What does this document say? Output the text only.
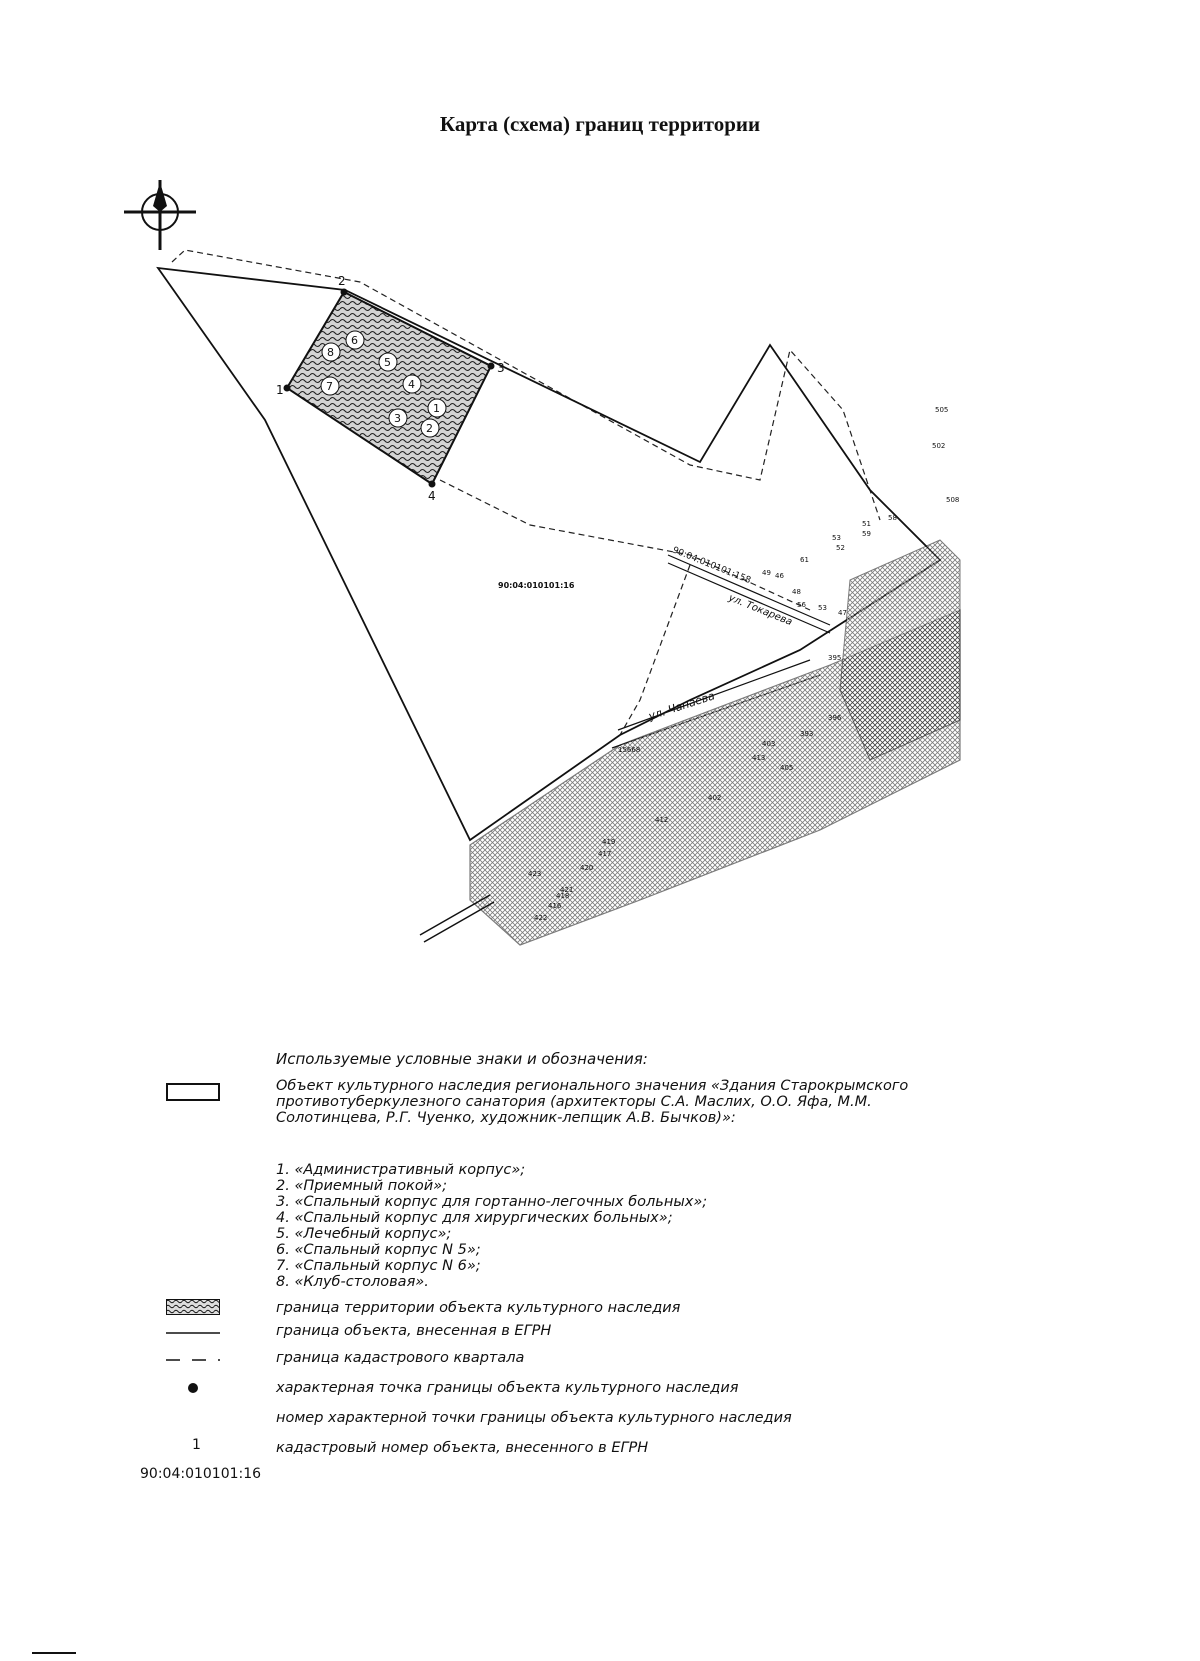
Карта (схема) границ территории
1
2
3
4
8
6
7
5
4
3
1
2
90:04:010101:16
ул. Токарева
90:04:010101:158
ул. Чапаева
505
502
508
58
51
59
53
52
61
49 46
48
56 53
47
395
393
396
403
402
405
412
413
417
419
420
421
422
416
418
423
15668
Используемые условные знаки и обозначения:
Объект культурного наследия регионального значения «Здания Старокрымского
противотуберкулезного санатория (архитекторы С.А. Маслих, О.О. Яфа, М.М.
Солотинцева, Р.Г. Чуенко, художник-лепщик А.В. Бычков)»:
1. «Административный корпус»;
2. «Приемный покой»;
3. «Спальный корпус для гортанно-легочных больных»;
4. «Спальный корпус для хирургических больных»;
5. «Лечебный корпус»;
6. «Спальный корпус N 5»;
7. «Спальный корпус N 6»;
8. «Клуб-столовая».
граница территории объекта культурного наследия
граница объекта, внесенная в ЕГРН
граница кадастрового квартала
характерная точка границы объекта культурного наследия
1
номер характерной точки границы объекта культурного наследия
90:04:010101:16
кадастровый номер объекта, внесенного в ЕГРН
